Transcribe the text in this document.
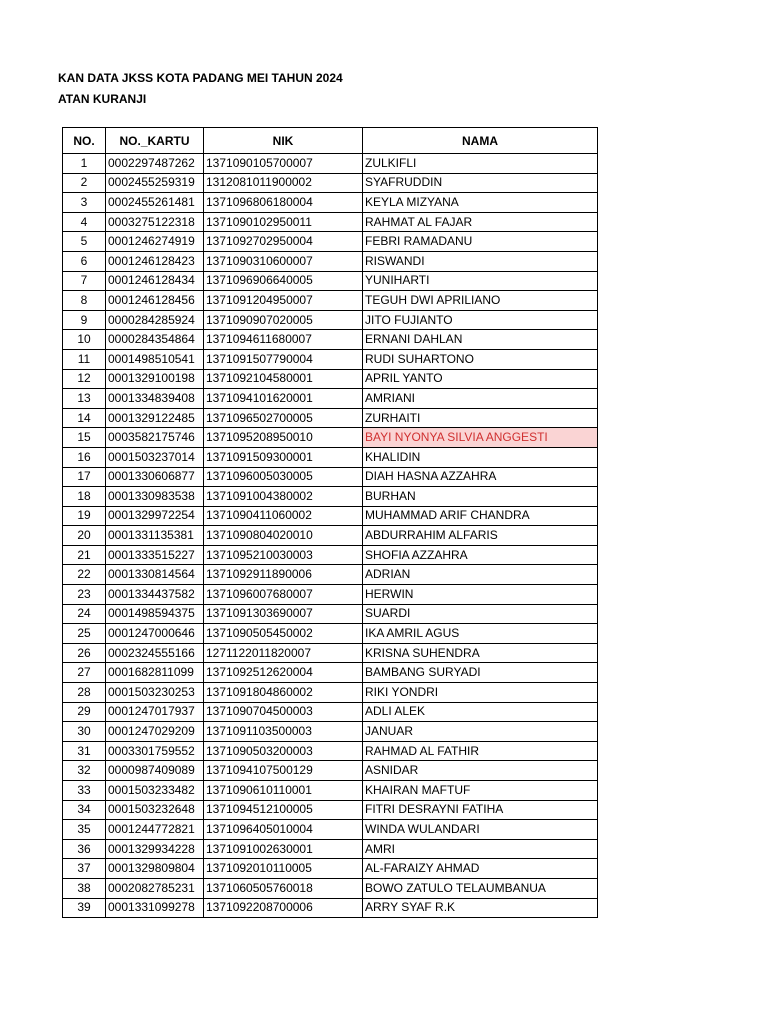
KAN DATA JKSS KOTA PADANG MEI TAHUN 2024
ATAN KURANJI
NO.	NO._KARTU	NIK	NAMA
1	0002297487262	1371090105700007	ZULKIFLI
2	0002455259319	1312081011900002	SYAFRUDDIN
3	0002455261481	1371096806180004	KEYLA MIZYANA
4	0003275122318	1371090102950011	RAHMAT AL FAJAR
5	0001246274919	1371092702950004	FEBRI RAMADANU
6	0001246128423	1371090310600007	RISWANDI
7	0001246128434	1371096906640005	YUNIHARTI
8	0001246128456	1371091204950007	TEGUH DWI APRILIANO
9	0000284285924	1371090907020005	JITO FUJIANTO
10	0000284354864	1371094611680007	ERNANI DAHLAN
11	0001498510541	1371091507790004	RUDI SUHARTONO
12	0001329100198	1371092104580001	APRIL YANTO
13	0001334839408	1371094101620001	AMRIANI
14	0001329122485	1371096502700005	ZURHAITI
15	0003582175746	1371095208950010	BAYI NYONYA SILVIA ANGGESTI
16	0001503237014	1371091509300001	KHALIDIN
17	0001330606877	1371096005030005	DIAH HASNA AZZAHRA
18	0001330983538	1371091004380002	BURHAN
19	0001329972254	1371090411060002	MUHAMMAD ARIF CHANDRA
20	0001331135381	1371090804020010	ABDURRAHIM ALFARIS
21	0001333515227	1371095210030003	SHOFIA AZZAHRA
22	0001330814564	1371092911890006	ADRIAN
23	0001334437582	1371096007680007	HERWIN
24	0001498594375	1371091303690007	SUARDI
25	0001247000646	1371090505450002	IKA AMRIL AGUS
26	0002324555166	1271122011820007	KRISNA SUHENDRA
27	0001682811099	1371092512620004	BAMBANG SURYADI
28	0001503230253	1371091804860002	RIKI YONDRI
29	0001247017937	1371090704500003	ADLI ALEK
30	0001247029209	1371091103500003	JANUAR
31	0003301759552	1371090503200003	RAHMAD AL FATHIR
32	0000987409089	1371094107500129	ASNIDAR
33	0001503233482	1371090610110001	KHAIRAN MAFTUF
34	0001503232648	1371094512100005	FITRI DESRAYNI FATIHA
35	0001244772821	1371096405010004	WINDA WULANDARI
36	0001329934228	1371091002630001	AMRI
37	0001329809804	1371092010110005	AL-FARAIZY AHMAD
38	0002082785231	1371060505760018	BOWO ZATULO TELAUMBANUA
39	0001331099278	1371092208700006	ARRY SYAF R.K
